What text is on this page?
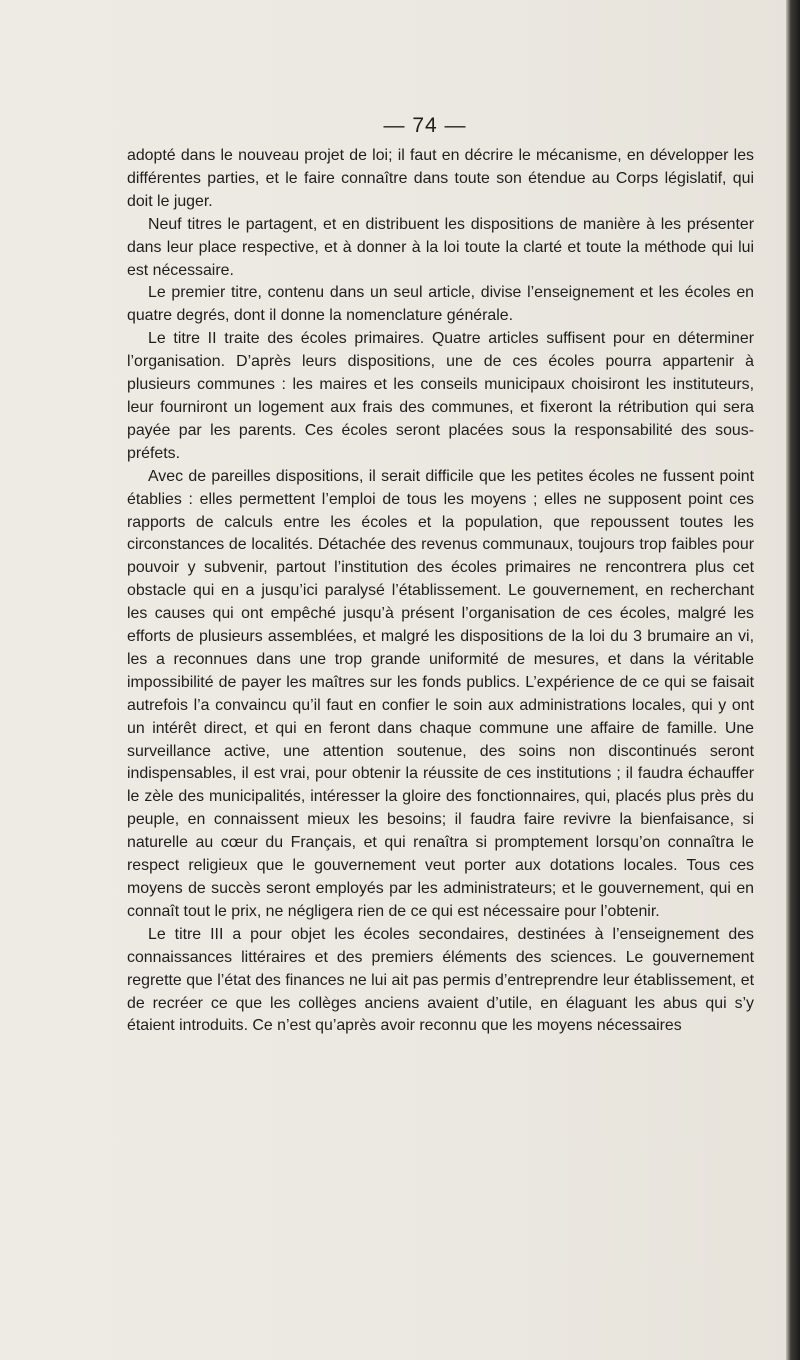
— 74 —

adopté dans le nouveau projet de loi; il faut en décrire le mécanisme, en développer les différentes parties, et le faire connaître dans toute son étendue au Corps législatif, qui doit le juger.

Neuf titres le partagent, et en distribuent les dispositions de manière à les présenter dans leur place respective, et à donner à la loi toute la clarté et toute la méthode qui lui est nécessaire.

Le premier titre, contenu dans un seul article, divise l’enseignement et les écoles en quatre degrés, dont il donne la nomenclature générale.

Le titre II traite des écoles primaires. Quatre articles suffisent pour en déterminer l’organisation. D’après leurs dispositions, une de ces écoles pourra appartenir à plusieurs communes : les maires et les conseils municipaux choisiront les instituteurs, leur fourniront un logement aux frais des communes, et fixeront la rétribution qui sera payée par les parents. Ces écoles seront placées sous la responsabilité des sous-préfets.

Avec de pareilles dispositions, il serait difficile que les petites écoles ne fussent point établies : elles permettent l’emploi de tous les moyens ; elles ne supposent point ces rapports de calculs entre les écoles et la population, que repoussent toutes les circonstances de localités. Détachée des revenus communaux, toujours trop faibles pour pouvoir y subvenir, partout l’institution des écoles primaires ne rencontrera plus cet obstacle qui en a jusqu’ici paralysé l’établissement. Le gouvernement, en recherchant les causes qui ont empêché jusqu’à présent l’organisation de ces écoles, malgré les efforts de plusieurs assemblées, et malgré les dispositions de la loi du 3 brumaire an vi, les a reconnues dans une trop grande uniformité de mesures, et dans la véritable impossibilité de payer les maîtres sur les fonds publics. L’expérience de ce qui se faisait autrefois l’a convaincu qu’il faut en confier le soin aux administrations locales, qui y ont un intérêt direct, et qui en feront dans chaque commune une affaire de famille. Une surveillance active, une attention soutenue, des soins non discontinués seront indispensables, il est vrai, pour obtenir la réussite de ces institutions ; il faudra échauffer le zèle des municipalités, intéresser la gloire des fonctionnaires, qui, placés plus près du peuple, en connaissent mieux les besoins; il faudra faire revivre la bienfaisance, si naturelle au cœur du Français, et qui renaîtra si promptement lorsqu’on connaîtra le respect religieux que le gouvernement veut porter aux dotations locales. Tous ces moyens de succès seront employés par les administrateurs; et le gouvernement, qui en connaît tout le prix, ne négligera rien de ce qui est nécessaire pour l’obtenir.

Le titre III a pour objet les écoles secondaires, destinées à l’enseignement des connaissances littéraires et des premiers éléments des sciences. Le gouvernement regrette que l’état des finances ne lui ait pas permis d’entreprendre leur établissement, et de recréer ce que les collèges anciens avaient d’utile, en élaguant les abus qui s’y étaient introduits. Ce n’est qu’après avoir reconnu que les moyens nécessaires
